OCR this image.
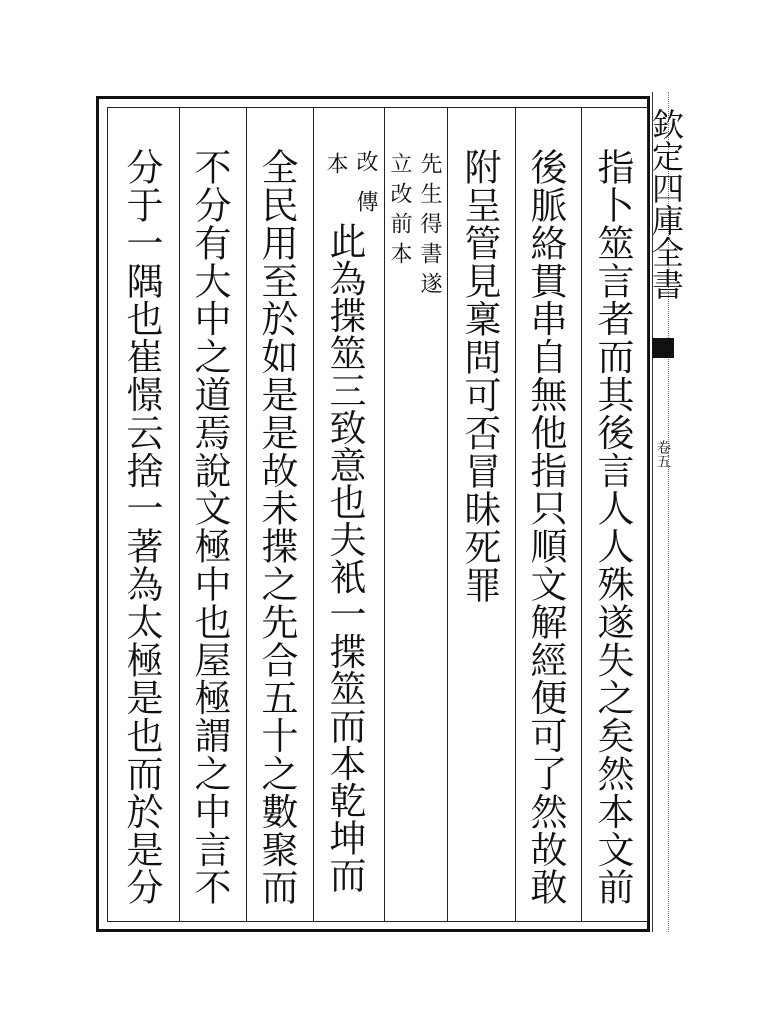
欽定四庫全書
卷五
指卜筮言者而其後言人人殊遂失之矣然本文前
後脈絡貫串自無他指只順文解經便可了然故敢
附呈管見稟問可否冒昧死罪
先生得書遂
立改前本
改傳
本
此為揲筮三致意也夫衹一揲筮而本乾坤而
全民用至於如是是故未揲之先合五十之數聚而
不分有大中之道焉說文極中也屋極謂之中言不
分于一隅也崔憬云捨一著為太極是也而於是分
